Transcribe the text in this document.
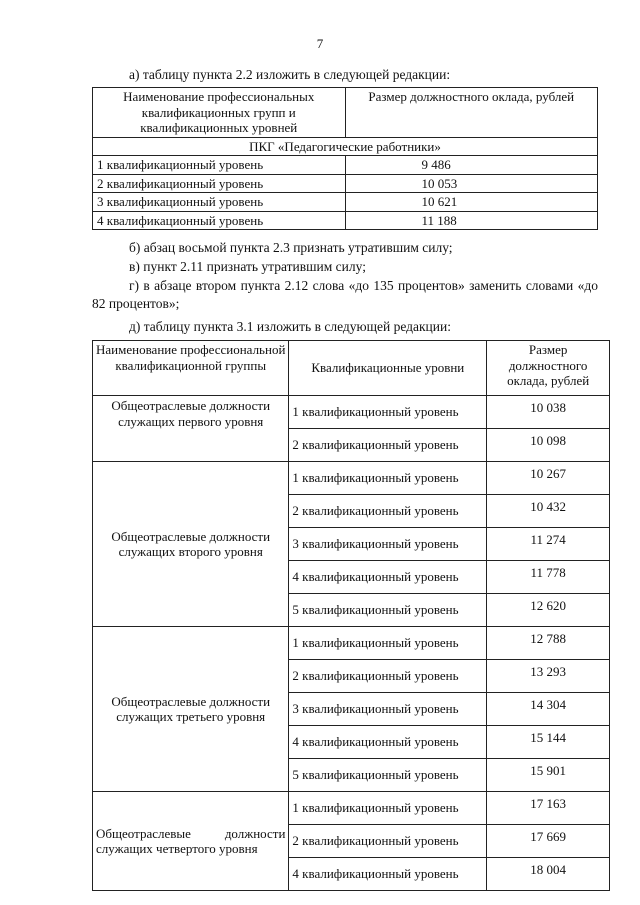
7
а) таблицу пункта 2.2 изложить в следующей редакции:
Наименование профессиональных квалификационных групп и квалификационных уровней	Размер должностного оклада, рублей
ПКГ «Педагогические работники»	
1 квалификационный уровень	9 486
2 квалификационный уровень	10 053
3 квалификационный уровень	10 621
4 квалификационный уровень	11 188
б) абзац восьмой пункта 2.3 признать утратившим силу;
в) пункт 2.11 признать утратившим силу;
г) в абзаце втором пункта 2.12 слова «до 135 процентов» заменить словами «до 82 процентов»;
д) таблицу пункта 3.1 изложить в следующей редакции:
Наименование профессиональной квалификационной группы	Квалификационные уровни	Размер должностного оклада, рублей
Общеотраслевые должности служащих первого уровня	1 квалификационный уровень	10 038
	2 квалификационный уровень	10 098
Общеотраслевые должности служащих второго уровня	1 квалификационный уровень	10 267
	2 квалификационный уровень	10 432
	3 квалификационный уровень	11 274
	4 квалификационный уровень	11 778
	5 квалификационный уровень	12 620
Общеотраслевые должности служащих третьего уровня	1 квалификационный уровень	12 788
	2 квалификационный уровень	13 293
	3 квалификационный уровень	14 304
	4 квалификационный уровень	15 144
	5 квалификационный уровень	15 901
Общеотраслевые должности служащих четвертого уровня	1 квалификационный уровень	17 163
	2 квалификационный уровень	17 669
	4 квалификационный уровень	18 004
